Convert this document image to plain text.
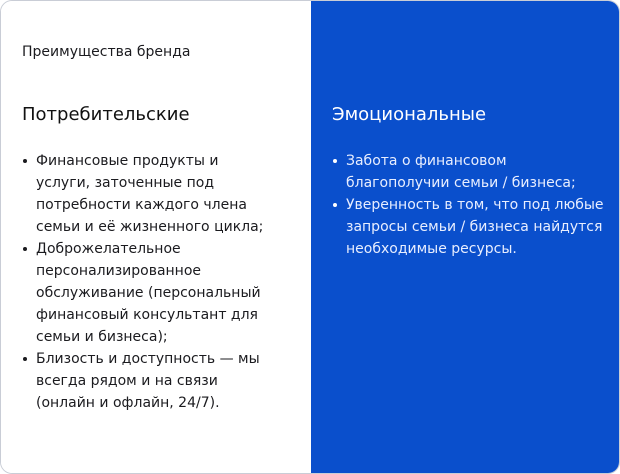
Преимущества бренда
Потребительские
Финансовые продукты и услуги, заточенные под потребности каждого члена семьи и её жизненного цикла;
Доброжелательное персонализированное обслуживание (персональный финансовый консультант для семьи и бизнеса);
Близость и доступность — мы всегда рядом и на связи (онлайн и офлайн, 24/7).
Эмоциональные
Забота о финансовом благополучии семьи / бизнеса;
Уверенность в том, что под любые запросы семьи / бизнеса найдутся необходимые ресурсы.
